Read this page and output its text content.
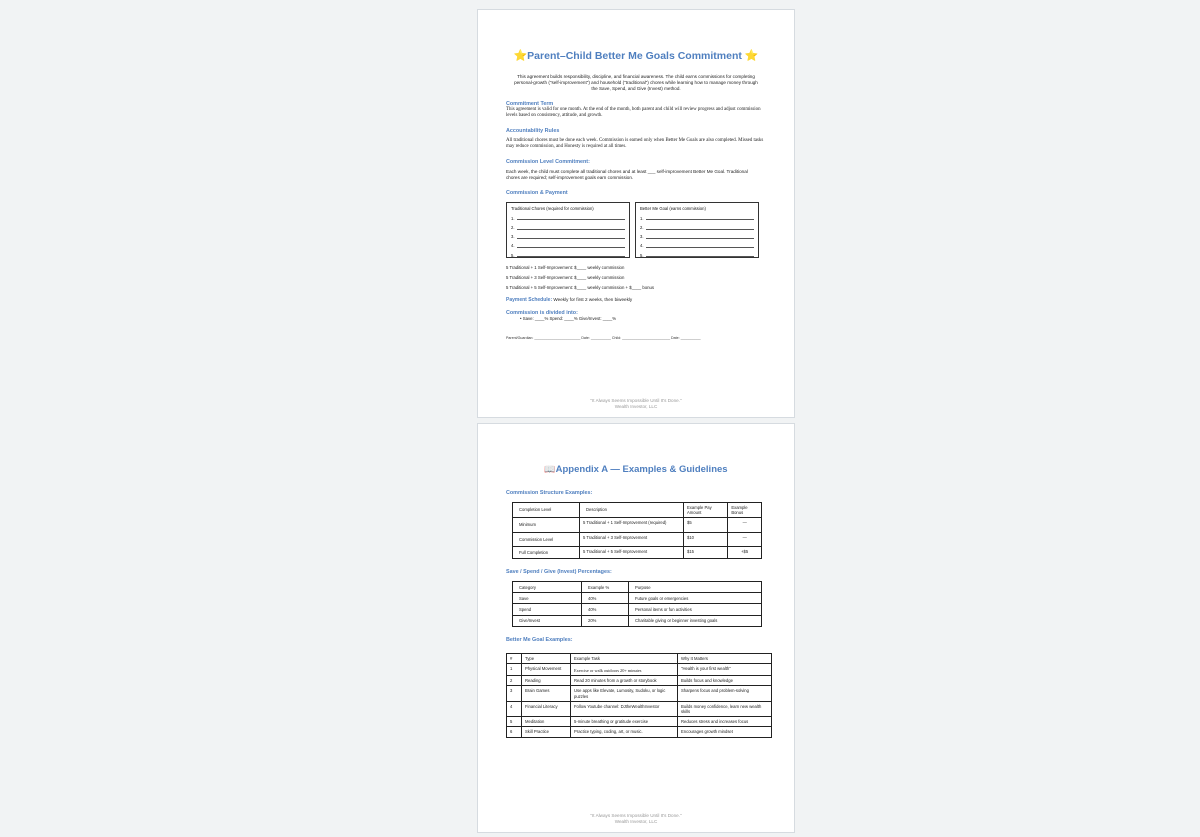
⭐Parent–Child Better Me Goals Commitment ⭐
This agreement builds responsibility, discipline, and financial awareness. The child earns commissions for completing personal-growth ("self-improvement") and household ("traditional") chores while learning how to manage money through the Save, Spend, and Give (Invest) method.
Commitment Term
This agreement is valid for one month. At the end of the month, both parent and child will review progress and adjust commission levels based on consistency, attitude, and growth.
Accountability Rules
All traditional chores must be done each week. Commission is earned only when Better Me Goals are also completed. Missed tasks may reduce commission, and Honesty is required at all times.
Commission Level Commitment:
Each week, the child must complete all traditional chores and at least ___ self-improvement Better Me Goal. Traditional chores are required; self-improvement goals earn commission.
Commission & Payment
Traditional Chores (required for commission)
1.
2.
3.
4.
5.
Better Me Goal (earns commission)
1.
2.
3.
4.
5.
5 Traditional + 1 Self-Improvement: $____ weekly commission
5 Traditional + 3 Self-Improvement: $____ weekly commission
5 Traditional + 5 Self-Improvement: $____ weekly commission + $____ bonus
Payment Schedule: Weekly for first 2 weeks, then biweekly
Commission is divided into:
• Save: ____% Spend: ____% Give/Invest: ____%
Parent/Guardian: _______________________ Date: __________ Child: ________________________ Date: __________
"It Always Seems Impossible Until It's Done."
Wealth Investor, LLC
📖Appendix A — Examples & Guidelines
Commission Structure Examples:
Completion Level	Description	Example Pay Amount	Example Bonus
Minimum	5 Traditional + 1 Self-Improvement (required)	$5	—
Commission Level	5 Traditional + 3 Self-Improvement	$10	—
Full Completion	5 Traditional + 5 Self-Improvement	$15	+$5
Save / Spend / Give (Invest) Percentages:
Category	Example %	Purpose
Save	40%	Future goals or emergencies
Spend	40%	Personal items or fun activities
Give/Invest	20%	Charitable giving or beginner investing goals
Better Me Goal Examples:
#	Type	Example Task	Why It Matters
1	Physical Movement	Exercise or walk outdoors 20+ minutes	"Health is your first wealth"
2	Reading	Read 20 minutes from a growth or storybook	Builds focus and knowledge
3	Brain Games	Use apps like Elevate, Lumosity, Sudoku, or logic puzzles	Sharpens focus and problem-solving
4	Financial Literacy	Follow Youtube channel: DJtheWealthInvestor	Builds money confidence, learn new wealth skills
5	Meditation	5-minute breathing or gratitude exercise	Reduces stress and increases focus
6	Skill Practice	Practice typing, coding, art, or music.	Encourages growth mindset
"It Always Seems Impossible Until It's Done."
Wealth Investor, LLC
